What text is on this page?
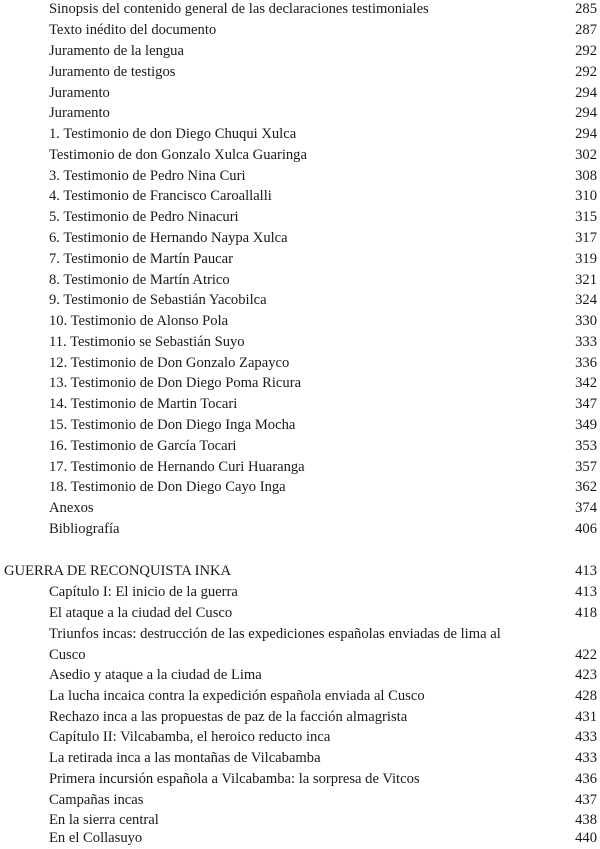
Sinopsis del contenido general de las declaraciones testimoniales	285
Texto inédito del documento	287
Juramento de la lengua	292
Juramento de testigos	292
Juramento	294
Juramento	294
1. Testimonio de don Diego Chuqui Xulca	294
Testimonio de don Gonzalo Xulca Guaringa	302
3. Testimonio de Pedro Nina Curi	308
4. Testimonio de Francisco Caroallalli	310
5. Testimonio de Pedro Ninacuri	315
6. Testimonio de Hernando Naypa Xulca	317
7. Testimonio de Martín Paucar	319
8. Testimonio de Martín Atrico	321
9. Testimonio de Sebastián Yacobilca	324
10. Testimonio de Alonso Pola	330
11. Testimonio se Sebastián Suyo	333
12. Testimonio de Don Gonzalo Zapayco	336
13. Testimonio de Don Diego Poma Ricura	342
14. Testimonio de Martin Tocari	347
15. Testimonio de Don Diego Inga Mocha	349
16. Testimonio de García Tocari	353
17. Testimonio de Hernando Curi Huaranga	357
18. Testimonio de Don Diego Cayo Inga	362
Anexos	374
Bibliografía	406
GUERRA DE RECONQUISTA INKA	413
Capítulo I: El inicio de la guerra	413
El ataque a la ciudad del Cusco	418
Triunfos incas: destrucción de las expediciones españolas enviadas de lima al Cusco	422
Asedio y ataque a la ciudad de Lima	423
La lucha incaica contra la expedición española enviada al Cusco	428
Rechazo inca a las propuestas de paz de la facción almagrista	431
Capítulo II: Vilcabamba, el heroico reducto inca	433
La retirada inca a las montañas de Vilcabamba	433
Primera incursión española a Vilcabamba: la sorpresa de Vitcos	436
Campañas incas	437
En la sierra central	438
En el Collasuyo	440
